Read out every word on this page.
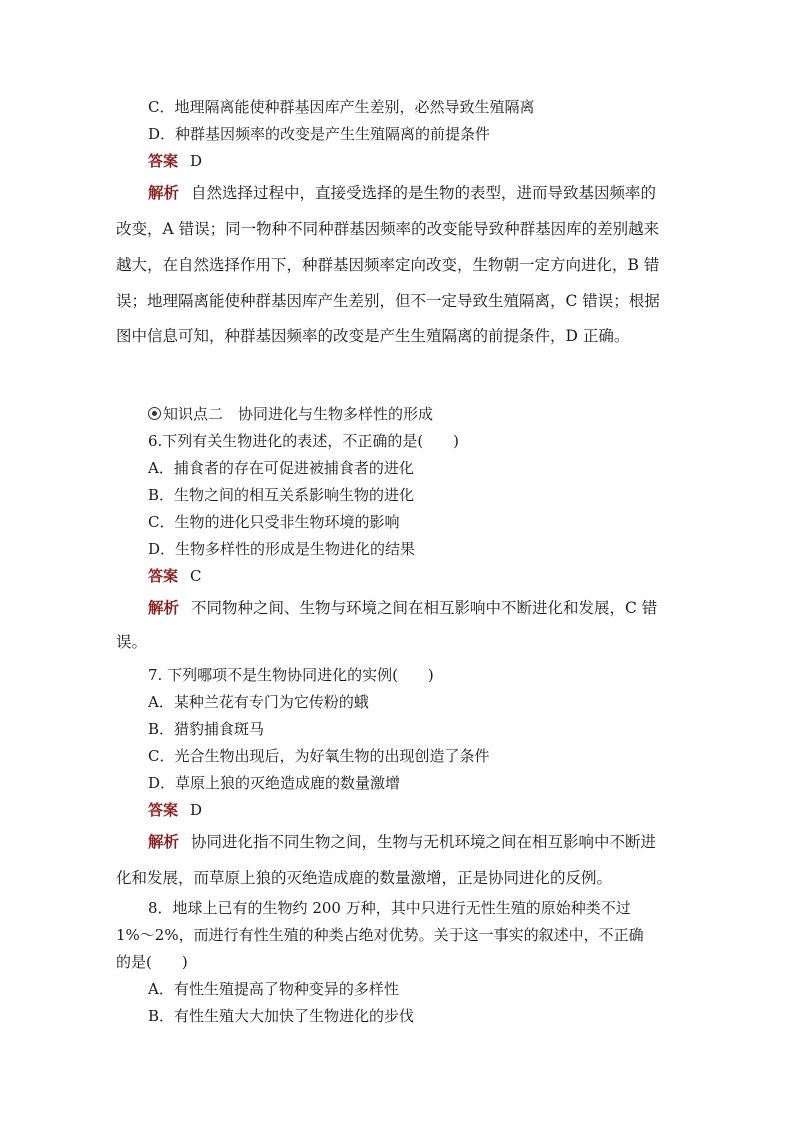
C．地理隔离能使种群基因库产生差别，必然导致生殖隔离
D．种群基因频率的改变是产生生殖隔离的前提条件
答案 D
解析 自然选择过程中，直接受选择的是生物的表型，进而导致基因频率的
改变，A 错误；同一物种不同种群基因频率的改变能导致种群基因库的差别越来
越大，在自然选择作用下，种群基因频率定向改变，生物朝一定方向进化，B 错
误；地理隔离能使种群基因库产生差别，但不一定导致生殖隔离，C 错误；根据
图中信息可知，种群基因频率的改变是产生生殖隔离的前提条件，D 正确。
知识点二　协同进化与生物多样性的形成
6.下列有关生物进化的表述，不正确的是(　　)
A．捕食者的存在可促进被捕食者的进化
B．生物之间的相互关系影响生物的进化
C．生物的进化只受非生物环境的影响
D．生物多样性的形成是生物进化的结果
答案 C
解析 不同物种之间、生物与环境之间在相互影响中不断进化和发展，C 错
误。
7. 下列哪项不是生物协同进化的实例(　　)
A．某种兰花有专门为它传粉的蛾
B．猎豹捕食斑马
C．光合生物出现后，为好氧生物的出现创造了条件
D．草原上狼的灭绝造成鹿的数量激增
答案 D
解析 协同进化指不同生物之间，生物与无机环境之间在相互影响中不断进
化和发展，而草原上狼的灭绝造成鹿的数量激增，正是协同进化的反例。
8．地球上已有的生物约 200 万种，其中只进行无性生殖的原始种类不过
1%～2%，而进行有性生殖的种类占绝对优势。关于这一事实的叙述中，不正确
的是(　　)
A．有性生殖提高了物种变异的多样性
B．有性生殖大大加快了生物进化的步伐
